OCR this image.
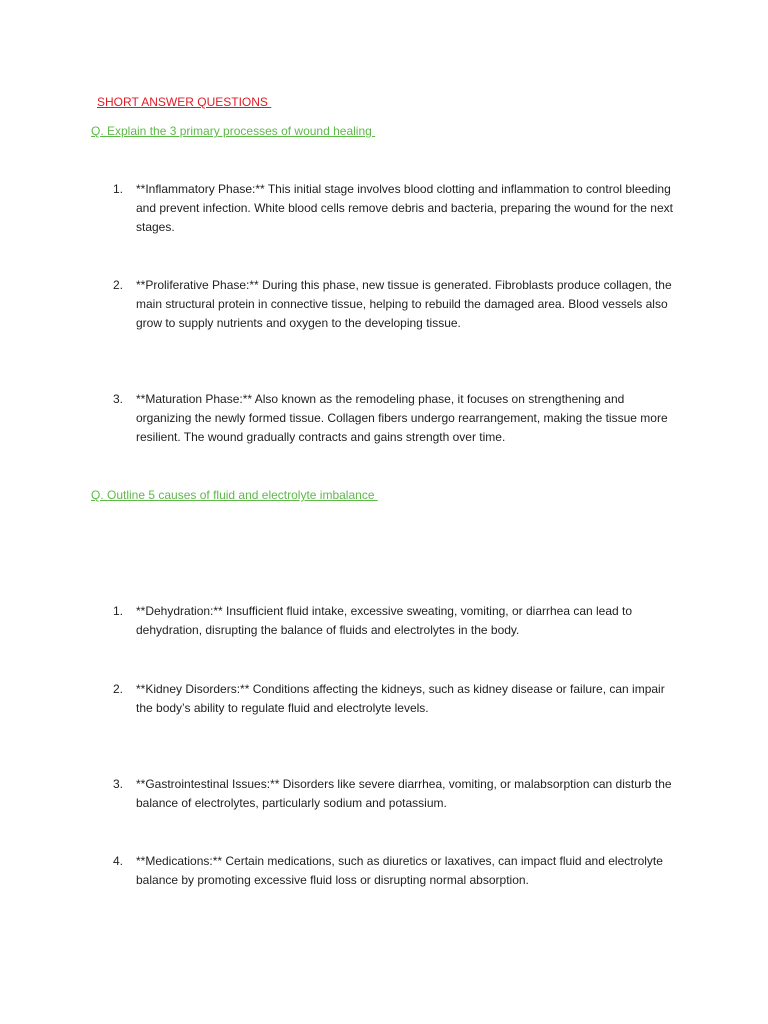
SHORT ANSWER QUESTIONS
Q. Explain the 3 primary processes of wound healing
1.	**Inflammatory Phase:** This initial stage involves blood clotting and inflammation to control bleeding and prevent infection. White blood cells remove debris and bacteria, preparing the wound for the next stages.
2.	**Proliferative Phase:** During this phase, new tissue is generated. Fibroblasts produce collagen, the main structural protein in connective tissue, helping to rebuild the damaged area. Blood vessels also grow to supply nutrients and oxygen to the developing tissue.
3.	**Maturation Phase:** Also known as the remodeling phase, it focuses on strengthening and organizing the newly formed tissue. Collagen fibers undergo rearrangement, making the tissue more resilient. The wound gradually contracts and gains strength over time.
Q. Outline 5 causes of fluid and electrolyte imbalance
1.	**Dehydration:** Insufficient fluid intake, excessive sweating, vomiting, or diarrhea can lead to dehydration, disrupting the balance of fluids and electrolytes in the body.
2.	**Kidney Disorders:** Conditions affecting the kidneys, such as kidney disease or failure, can impair the body’s ability to regulate fluid and electrolyte levels.
3.	**Gastrointestinal Issues:** Disorders like severe diarrhea, vomiting, or malabsorption can disturb the balance of electrolytes, particularly sodium and potassium.
4.	**Medications:** Certain medications, such as diuretics or laxatives, can impact fluid and electrolyte balance by promoting excessive fluid loss or disrupting normal absorption.
